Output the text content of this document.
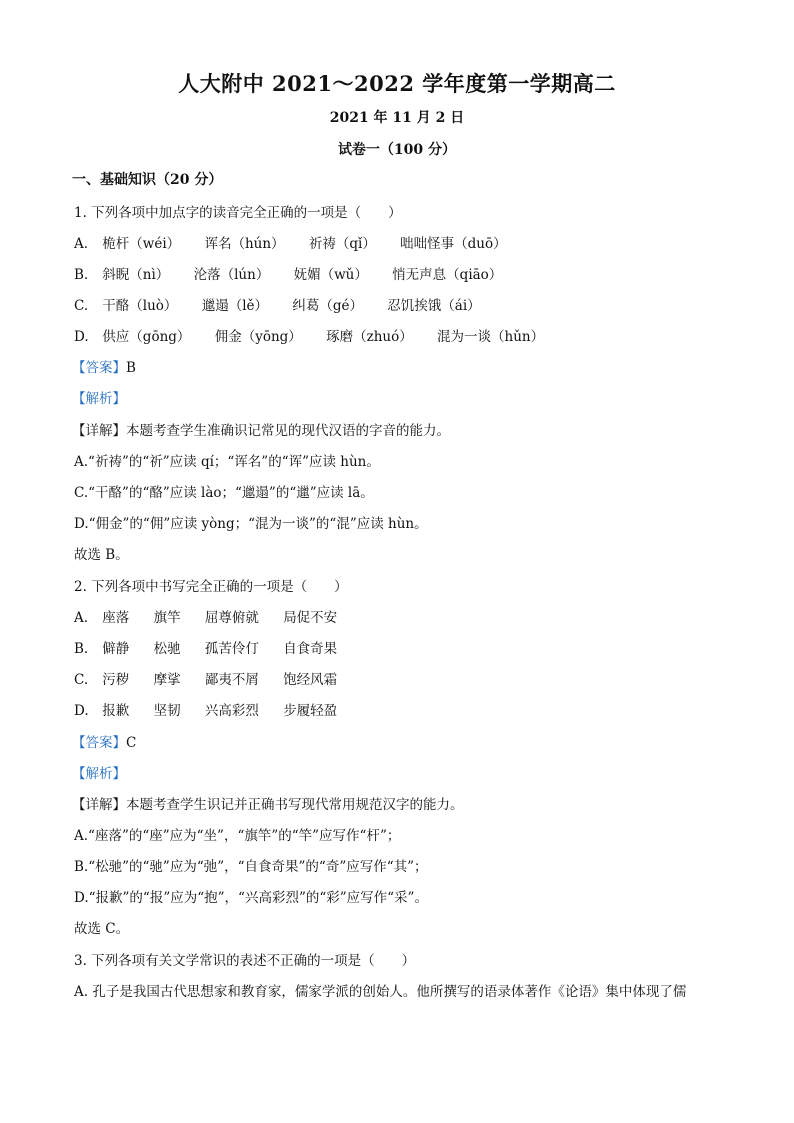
人大附中 2021～2022 学年度第一学期高二
2021 年 11 月 2 日
试卷一（100 分）
一、基础知识（20 分）
1. 下列各项中加点字的读音完全正确的一项是（　　）
A. 桅杆（wéi） 诨名（hún） 祈祷（qǐ） 咄咄怪事（duō）
B. 斜睨（nì） 沦落（lún） 妩媚（wǔ） 悄无声息（qiāo）
C. 干酪（luò） 邋遢（lě） 纠葛（gé） 忍饥挨饿（ái）
D. 供应（gōng） 佣金（yōng） 琢磨（zhuó） 混为一谈（hǔn）
【答案】B
【解析】
【详解】本题考查学生准确识记常见的现代汉语的字音的能力。
A.“祈祷”的“祈”应读 qí；“诨名”的“诨”应读 hùn。
C.“干酪”的“酪”应读 lào；“邋遢”的“邋”应读 lā。
D.“佣金”的“佣”应读 yòng；“混为一谈”的“混”应读 hùn。
故选 B。
2. 下列各项中书写完全正确的一项是（　　）
A. 座落 旗竿 屈尊俯就 局促不安
B. 僻静 松驰 孤苦伶仃 自食奇果
C. 污秽 摩挲 鄙夷不屑 饱经风霜
D. 报歉 坚韧 兴高彩烈 步履轻盈
【答案】C
【解析】
【详解】本题考查学生识记并正确书写现代常用规范汉字的能力。
A.“座落”的“座”应为“坐”，“旗竿”的“竿”应写作“杆”；
B.“松驰”的“驰”应为“弛”，“自食奇果”的“奇”应写作“其”；
D.“报歉”的“报”应为“抱”，“兴高彩烈”的“彩”应写作“采”。
故选 C。
3. 下列各项有关文学常识的表述不正确的一项是（　　）
A. 孔子是我国古代思想家和教育家，儒家学派的创始人。他所撰写的语录体著作《论语》集中体现了儒
